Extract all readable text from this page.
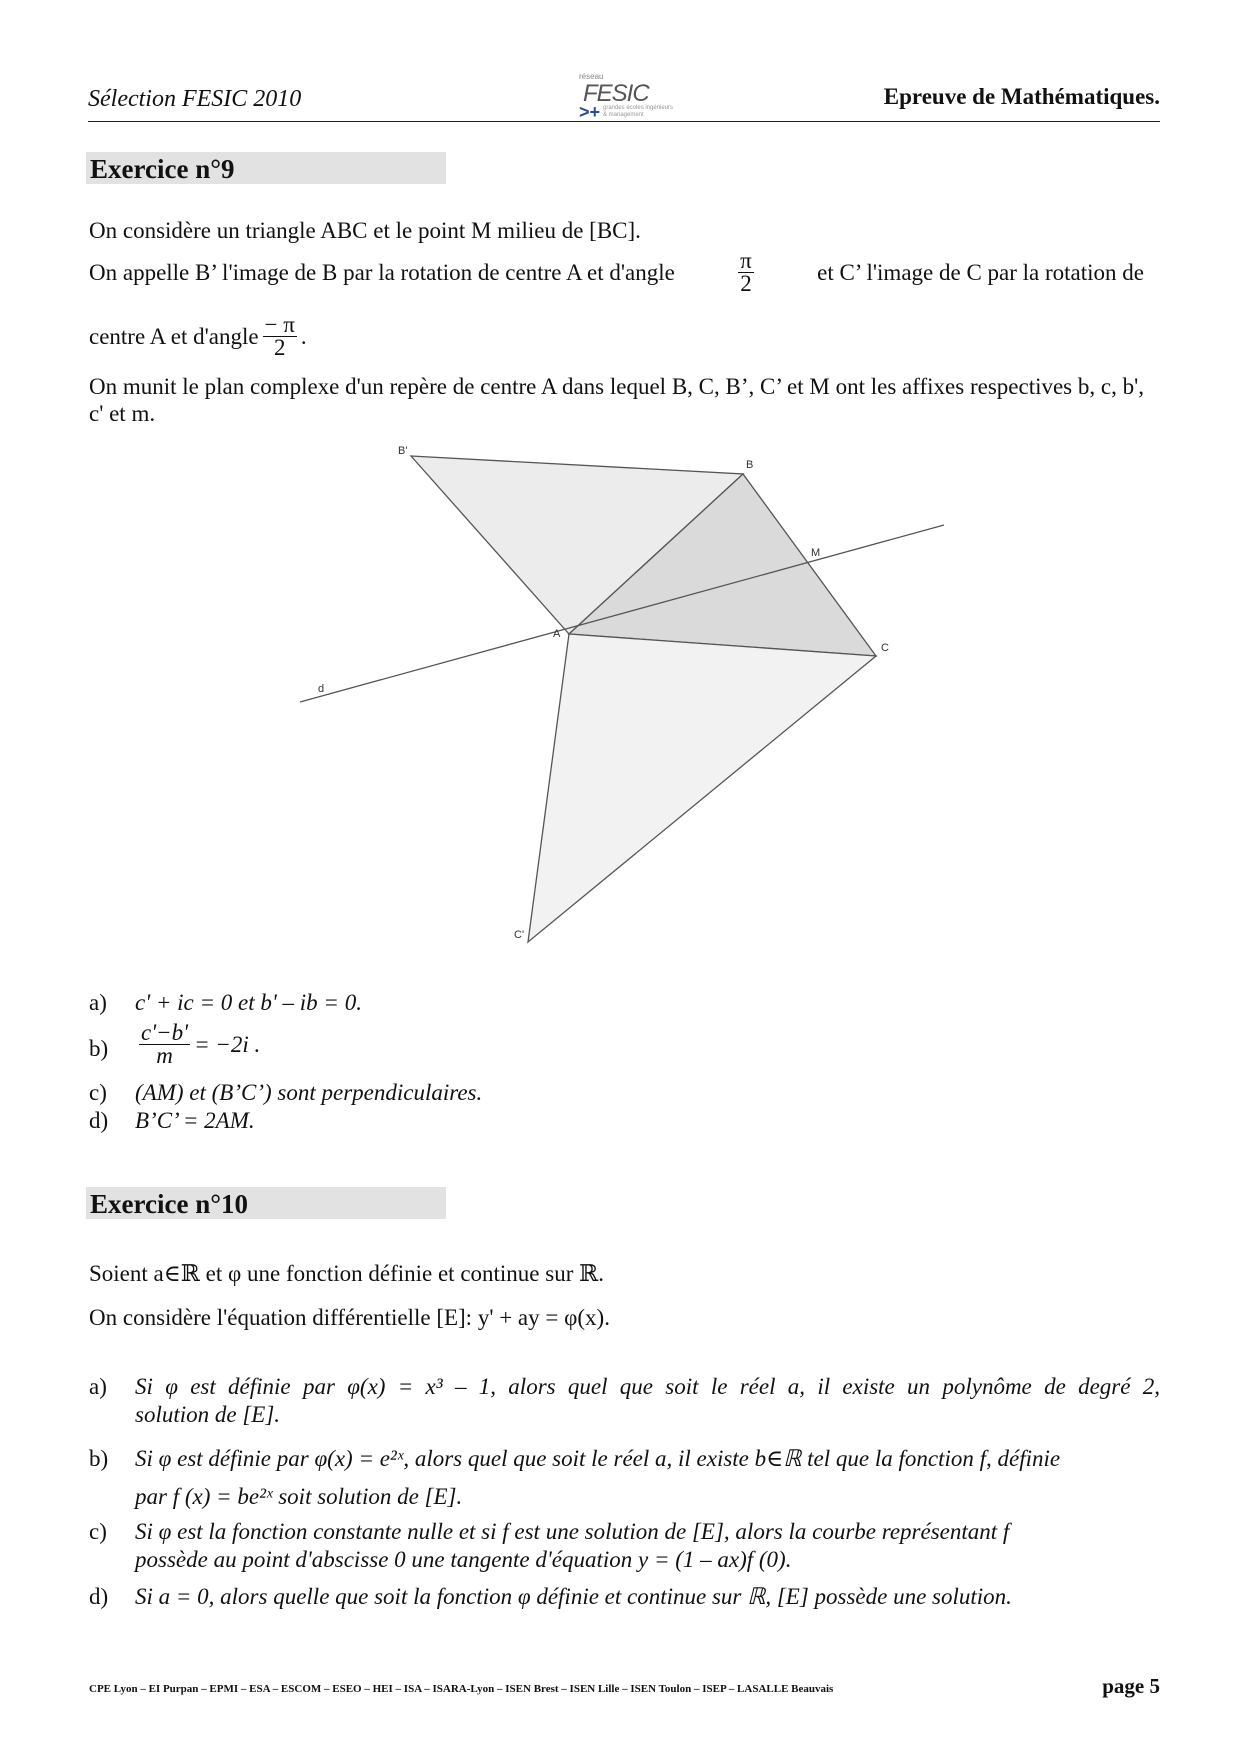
Sélection FESIC 2010
réseau
FESIC
>+ grandes écoles ingénieurs & management
Epreuve de Mathématiques.
Exercice n°9
On considère un triangle ABC et le point M milieu de [BC].
On appelle B’ l'image de B par la rotation de centre A et d'angle	$\frac{\pi}{2}$	et C’ l'image de C par la rotation de
centre A et d'angle $\frac{- \pi}{2}$ .
On munit le plan complexe d'un repère de centre A dans lequel B, C, B’, C’ et M ont les affixes respectives b, c, b', c' et m.
B'
B
M
A
C
C'
d
a) c' + ic = 0 et b' – ib = 0.
$b) \frac{c'-b'}{m} = -2i$ .
c) (AM) et (B’C’) sont perpendiculaires.
d) B’C’ = 2AM.
Exercice n°10
Soient a∈ℝ et φ une fonction définie et continue sur ℝ.
On considère l'équation différentielle [E]: y' + ay = φ(x).
a) Si φ est définie par φ(x) = x³ – 1, alors quel que soit le réel a, il existe un polynôme de degré 2,
solution de [E].
b) Si φ est définie par φ(x) = e²ˣ, alors quel que soit le réel a, il existe b∈ℝ tel que la fonction f, définie
par f (x) = be²ˣ soit solution de [E].
c) Si φ est la fonction constante nulle et si f est une solution de [E], alors la courbe représentant f
possède au point d'abscisse 0 une tangente d'équation y = (1 – ax)f (0).
d) Si a = 0, alors quelle que soit la fonction φ définie et continue sur ℝ, [E] possède une solution.
CPE Lyon – EI Purpan – EPMI – ESA – ESCOM – ESEO – HEI – ISA – ISARA-Lyon – ISEN Brest – ISEN Lille – ISEN Toulon – ISEP – LASALLE Beauvais	page 5
